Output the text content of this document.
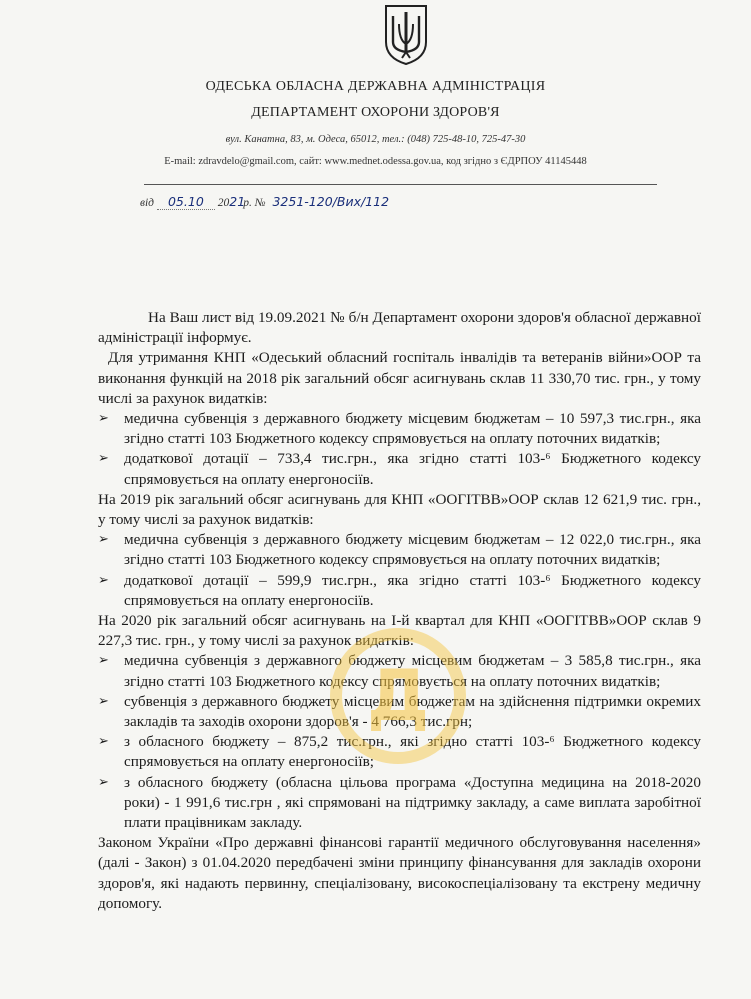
ОДЕСЬКА ОБЛАСНА ДЕРЖАВНА АДМІНІСТРАЦІЯ
ДЕПАРТАМЕНТ ОХОРОНИ ЗДОРОВ'Я
вул. Канатна, 83, м. Одеса, 65012, тел.: (048) 725-48-10, 725-47-30
E-mail: zdravdelo@gmail.com, сайт: www.mednet.odessa.gov.ua, код згідно з ЄДРПОУ 41145448
від 05.10 2021р. № 3251-120/Вих/112

На Ваш лист від 19.09.2021 № б/н Департамент охорони здоров'я обласної державної адміністрації інформує.

Для утримання КНП «Одеський обласний госпіталь інвалідів та ветеранів війни»ООР та виконання функцій на 2018 рік загальний обсяг асигнувань склав 11 330,70 тис. грн., у тому числі за рахунок видатків:

➢ медична субвенція з державного бюджету місцевим бюджетам – 10 597,3 тис.грн., яка згідно статті 103 Бюджетного кодексу спрямовується на оплату поточних видатків;

➢ додаткової дотації – 733,4 тис.грн., яка згідно статті 103-⁶ Бюджетного кодексу спрямовується на оплату енергоносіїв.

На 2019 рік загальний обсяг асигнувань для КНП «ООГІТВВ»ООР склав 12 621,9 тис. грн., у тому числі за рахунок видатків:

➢ медична субвенція з державного бюджету місцевим бюджетам – 12 022,0 тис.грн., яка згідно статті 103 Бюджетного кодексу спрямовується на оплату поточних видатків;

➢ додаткової дотації – 599,9 тис.грн., яка згідно статті 103-⁶ Бюджетного кодексу спрямовується на оплату енергоносіїв.

На 2020 рік загальний обсяг асигнувань на І-й квартал для КНП «ООГІТВВ»ООР склав 9 227,3 тис. грн., у тому числі за рахунок видатків:

➢ медична субвенція з державного бюджету місцевим бюджетам – 3 585,8 тис.грн., яка згідно статті 103 Бюджетного кодексу спрямовується на оплату поточних видатків;

➢ субвенція з державного бюджету місцевим бюджетам на здійснення підтримки окремих закладів та заходів охорони здоров'я - 4 766,3 тис.грн;

➢ з обласного бюджету – 875,2 тис.грн., які згідно статті 103-⁶ Бюджетного кодексу спрямовується на оплату енергоносіїв;

➢ з обласного бюджету (обласна цільова програма «Доступна медицина на 2018-2020 роки) - 1 991,6 тис.грн , які спрямовані на підтримку закладу, а саме виплата заробітної плати працівникам закладу.

Законом України «Про державні фінансові гарантії медичного обслуговування населення» (далі - Закон) з 01.04.2020 передбачені зміни принципу фінансування для закладів охорони здоров'я, які надають первинну, спеціалізовану, високоспеціалізовану та екстрену медичну допомогу.

Д
